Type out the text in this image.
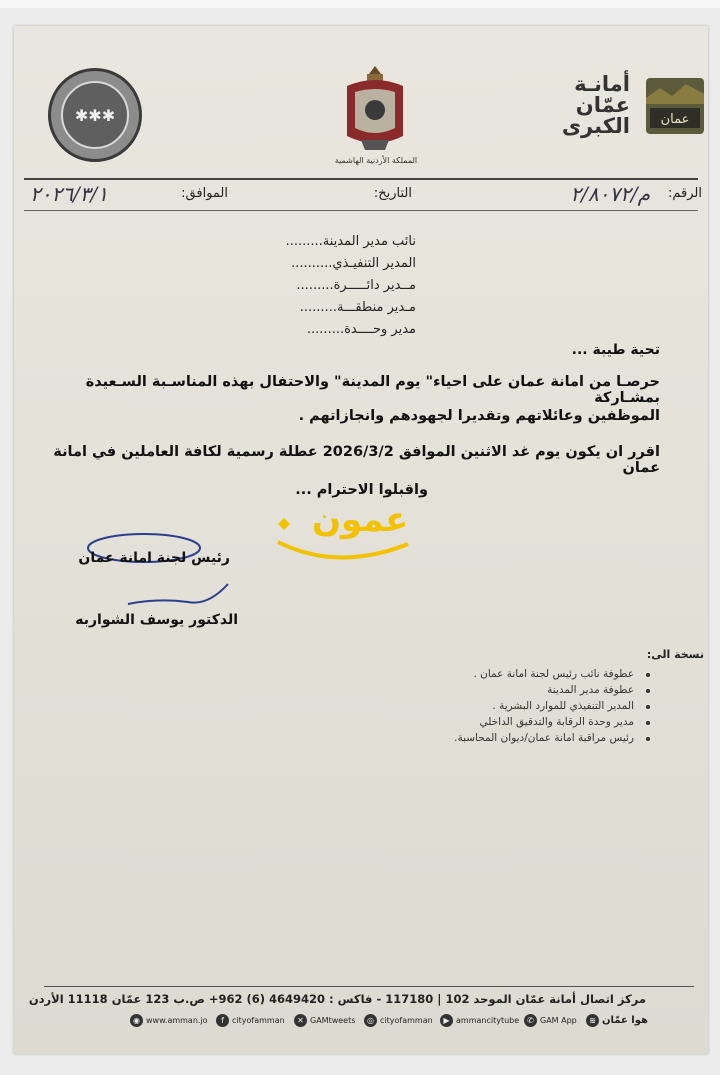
✱✱✱
المملكة الأردنية الهاشمية
أمانـة
عمّان
الكبرى عمان
الرقم:
م/٢/٨٠٧٢
التاريخ:
الموافق:
٢٠٢٦/٣/١
نائب مدير المدينة.........
المدير التنفيـذي..........
مــدير دائـــــرة.........
مـدير منطقـــة.........
مدير وحــــدة.........
تحية طيبة ...
حرصـا من امانة عمان على احياء" يوم المدينة" والاحتفال بهذه المناسـبة السـعيدة بمشـاركة
الموظفين وعائلاتهم وتقديرا لجهودهم وانجازاتهم .
اقرر ان يكون يوم غد الاثنين الموافق 2026/3/2 عطلة رسمية لكافة العاملين في امانة عمان
واقبلوا الاحترام ...
عمون
رئيس لجنة امانة عمان
الدكتور يوسف الشواربه
نسخة الى:
عطوفة نائب رئيس لجنة امانة عمان .
عطوفة مدير المدينة
المدير التنفيذي للموارد البشرية .
مدير وحدة الرقابة والتدقيق الداخلي
رئيس مراقبة امانة عمان/ديوان المحاسبة.
مركز اتصال أمانة عمّان الموحد 102 | 117180 - فاكس : 4649420 (6) 962+ ص.ب 123 عمّان 11118 الأردن
◉ www.amman.jo	f	cityofamman	✕ GAMtweets	◎ cityofamman	▶ ammancitytube ✆ GAM App	≋ هوا عمّان
